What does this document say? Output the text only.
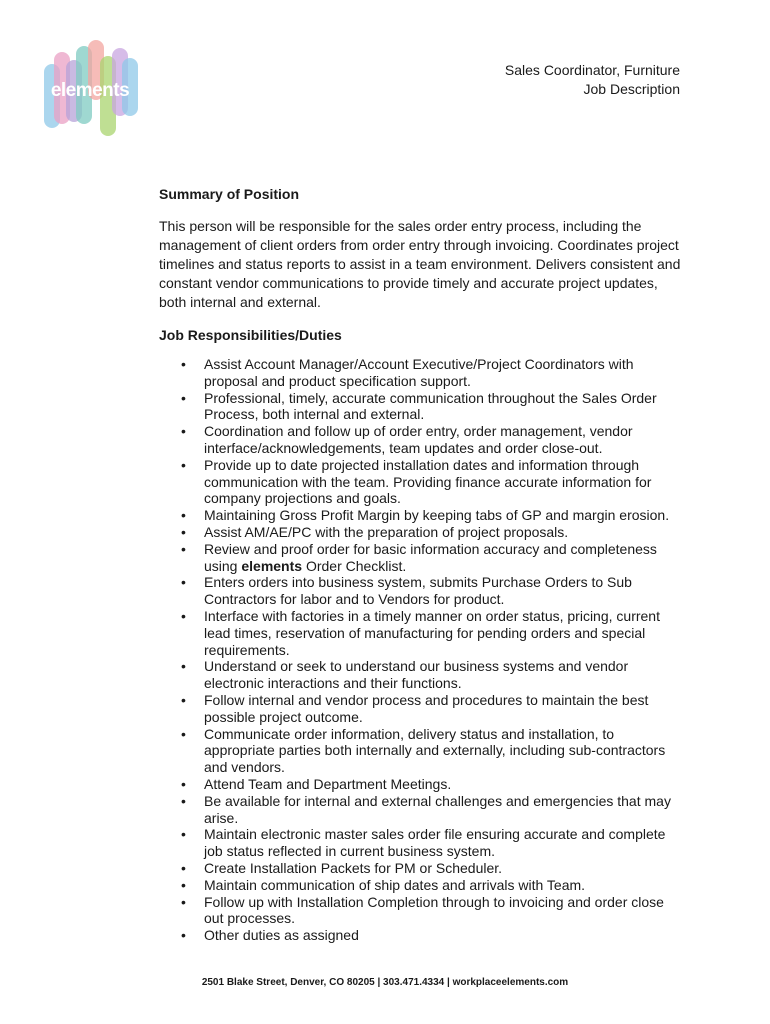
elements
Sales Coordinator, Furniture
Job Description
Summary of Position
This person will be responsible for the sales order entry process, including the
management of client orders from order entry through invoicing. Coordinates project
timelines and status reports to assist in a team environment. Delivers consistent and
constant vendor communications to provide timely and accurate project updates,
both internal and external.
Job Responsibilities/Duties
• Assist Account Manager/Account Executive/Project Coordinators with
proposal and product specification support.
• Professional, timely, accurate communication throughout the Sales Order
Process, both internal and external.
• Coordination and follow up of order entry, order management, vendor
interface/acknowledgements, team updates and order close-out.
• Provide up to date projected installation dates and information through
communication with the team. Providing finance accurate information for
company projections and goals.
• Maintaining Gross Profit Margin by keeping tabs of GP and margin erosion.
• Assist AM/AE/PC with the preparation of project proposals.
• Review and proof order for basic information accuracy and completeness
using elements Order Checklist.
• Enters orders into business system, submits Purchase Orders to Sub
Contractors for labor and to Vendors for product.
• Interface with factories in a timely manner on order status, pricing, current
lead times, reservation of manufacturing for pending orders and special
requirements.
• Understand or seek to understand our business systems and vendor
electronic interactions and their functions.
• Follow internal and vendor process and procedures to maintain the best
possible project outcome.
• Communicate order information, delivery status and installation, to
appropriate parties both internally and externally, including sub-contractors
and vendors.
• Attend Team and Department Meetings.
• Be available for internal and external challenges and emergencies that may
arise.
• Maintain electronic master sales order file ensuring accurate and complete
job status reflected in current business system.
• Create Installation Packets for PM or Scheduler.
• Maintain communication of ship dates and arrivals with Team.
• Follow up with Installation Completion through to invoicing and order close
out processes.
• Other duties as assigned
2501 Blake Street, Denver, CO 80205 | 303.471.4334 | workplaceelements.com
